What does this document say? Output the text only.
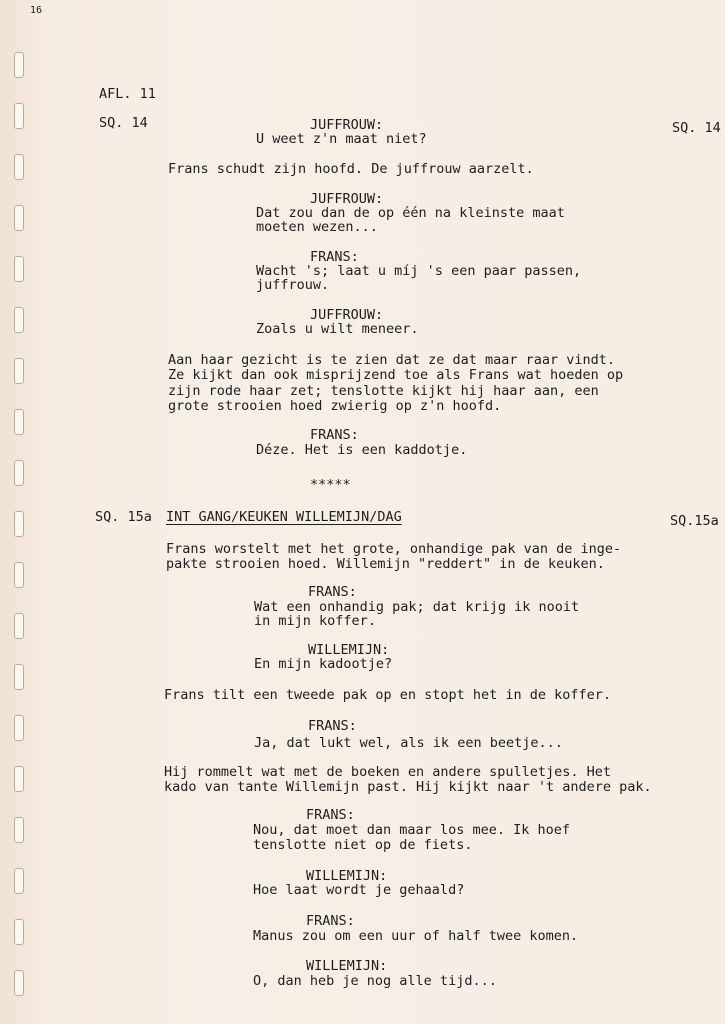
16
AFL. 11
SQ. 14	SQ. 14
JUFFROUW:
U weet z'n maat niet?
Frans schudt zijn hoofd. De juffrouw aarzelt.
JUFFROUW:
Dat zou dan de op één na kleinste maat
moeten wezen...
FRANS:
Wacht 's; laat u míj 's een paar passen,
juffrouw.
JUFFROUW:
Zoals u wilt meneer.
Aan haar gezicht is te zien dat ze dat maar raar vindt.
Ze kijkt dan ook misprijzend toe als Frans wat hoeden op
zijn rode haar zet; tenslotte kijkt hij haar aan, een
grote strooien hoed zwierig op z'n hoofd.
FRANS:
Déze. Het is een kaddotje.
*****
SQ. 15a INT GANG/KEUKEN WILLEMIJN/DAG	SQ.15a
Frans worstelt met het grote, onhandige pak van de inge-
pakte strooien hoed. Willemijn "reddert" in de keuken.
FRANS:
Wat een onhandig pak; dat krijg ik nooit
in mijn koffer.
WILLEMIJN:
En mijn kadootje?
Frans tilt een tweede pak op en stopt het in de koffer.
FRANS:
Ja, dat lukt wel, als ik een beetje...
Hij rommelt wat met de boeken en andere spulletjes. Het
kado van tante Willemijn past. Hij kijkt naar 't andere pak.
FRANS:
Nou, dat moet dan maar los mee. Ik hoef
tenslotte niet op de fiets.
WILLEMIJN:
Hoe laat wordt je gehaald?
FRANS:
Manus zou om een uur of half twee komen.
WILLEMIJN:
O, dan heb je nog alle tijd...
